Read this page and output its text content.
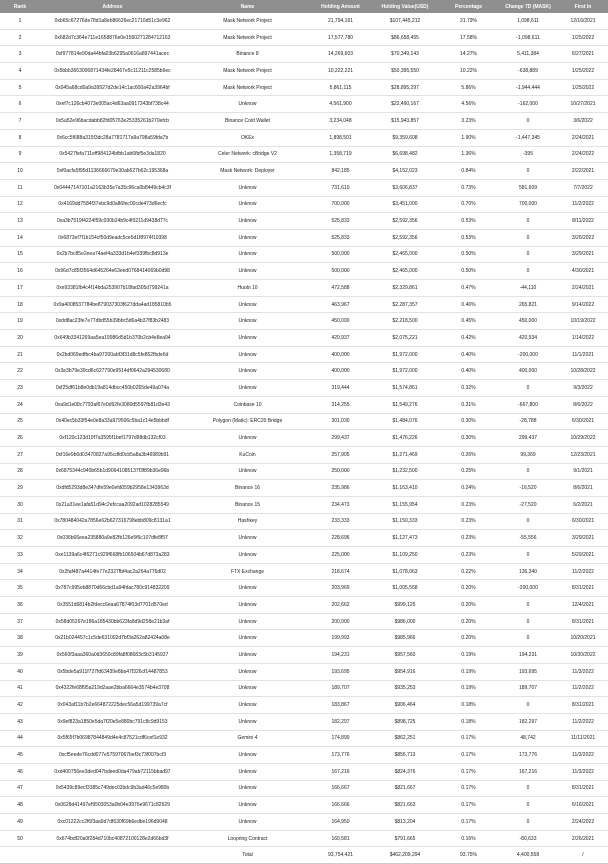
Rank	Address	Name	Holding Amount	Holding Value(USD)	Percentage	Change 7D (MASK)	First In
1	0xb65c67276de78d1a8eb86626ec21710d51c3e962	Mask Network Project	21,794,161	$107,445,212	21.79%	1,098,611	12/16/2021
2	0x682d7c364e711e1658876e0e1560271284712163	Mask Network Project	17,577,780	$86,658,455	17.58%	-1,098,611	1/25/2022
3	0xf977814e90da44bfa03b6295a0616a897441acec	Binance 8	14,269,603	$70,349,143	14.27%	5,411,384	6/27/2021
4	0x5bbb3663006871434fe28467e5c11211c2585b6ec	Mask Network Project	10,222,221	$50,395,550	10.22%	-638,889	1/25/2022
5	0x045a68cd0a9a39927d2de14c1ac600a42a3964bf	Mask Network Project	5,861,115	$28,895,297	5.86%	-1,944,444	1/25/2022
6	0xef7c126cb4073e005ac4d63aa0917243bf738c44	Unknow	4,561,900	$22,490,167	4.56%	-162,000	10/27/2021
7	0x5a52e96bacdabb82fd05763e25335261b270efcb	Binance Cold Wallet	3,234,048	$15,943,857	3.23%	0	3/6/2022
8	0x6cc5f688a315f3dc28a7781717a9a798a59fda7b	OKEx	1,898,501	$9,359,608	1.90%	-1,447,345	2/24/2021
9	0x5427fefa711eff984124bfbb1ab6fbf5e3da1820	Celer Network: cBridge V2	1,358,719	$6,698,482	1.36%	-395	2/24/2022
10	0xf0acfa5f95d1136666679e30ab627b62c195368a	Mask Network: Deployer	842,185	$4,152,023	0.84%	0	2/22/2021
11	0x04447147101a2163b35e7a35c96ca0b8449cb4c3f	Unknow	731,610	$3,606,837	0.73%	581,609	7/7/2022
12	0x4169dd7584f37ebc9d0a86fec00cde473d6ecfc	Unknow	700,000	$3,451,000	0.70%	700,000	11/2/2022
13	0xa3b7519f4224f59c030b24b9c4f0211d9438d77c	Unknow	525,833	$2,592,356	0.53%	0	8/11/2022
14	0x6873ef7f1b154cf50d9eadc5ce5d1f8974f10398	Unknow	525,833	$2,592,356	0.53%	0	3/26/2022
15	0x2b7bc85e2eea74aef4a333d1b4ef339fbc8d913e	Unknow	500,000	$2,465,000	0.50%	0	3/29/2021
16	0x96d7c85f3564d645264e63eed0768414069b0d98	Unknow	500,000	$2,465,000	0.50%	0	4/30/2021
17	0xe93381fb4c4f14bda253907b18fad305d799241a	Huobi 10	472,588	$2,329,861	0.47%	-44,110	2/24/2021
18	0x9a4008537784be879037303f627dda4ad185810b5	Unknow	463,967	$2,287,357	0.46%	265,821	9/14/2022
19	0xdd8ac23fe7e77dbd55b39bbc5d6a4b37f83b2483	Unknow	450,000	$2,218,500	0.45%	450,000	10/19/2022
20	0x649b3341269aa5ea19986d5d1b370b2cb4e8ea94	Unknow	420,937	$2,075,221	0.42%	420,934	1/14/2022
21	0x2bd069edfbc4ba97200abf3f31d8c5fe852fbde6d	Unknow	400,000	$1,972,000	0.40%	-200,000	11/1/2021
22	0x3e3b79e30cd6c627790e9514df0642a294530680	Unknow	400,000	$1,972,000	0.40%	400,000	10/28/2022
23	0xf25df61b8e0db19a814dbcc450b0265de49a074a	Unknow	319,444	$1,574,861	0.32%	0	9/3/2022
24	0xa9d1e08c7793af67e0d92fe3080d5597fb81d3e43	Coinbase 10	314,255	$1,549,276	0.31%	-667,800	8/6/2022
25	0x40ec5b33f54e0e8a33a979506c5ba1c14e5bbbdf	Polygon (Matic): ERC20 Bridge	301,030	$1,484,076	0.30%	-28,788	6/30/2021
26	0xf120c123d10f7a3595f1bef1797d98db132cf03	Unknow	299,437	$1,476,226	0.30%	299,437	10/29/2022
27	0xf16e9b0d03470827a95cdfd0cb5a8a3b46989b91	KuCoin	257,905	$1,271,469	0.26%	99,369	12/23/2021
28	0x6875344c940b65b1d90641085137f3f89b36e96b	Unknow	250,000	$1,232,500	0.25%	0	9/1/2021
29	0xdfd5293d8e347dfe59e0efd059b2958e1343963d	Binance 16	235,986	$1,163,410	0.24%	-16,520	8/6/2021
30	0x21a31ee1afa51d94c2efccaa2092ad1028285549	Binance 15	234,473	$1,155,954	0.23%	-27,520	6/2/2021
31	0x780484042a7856e62b627316798ebb809c8131a1	Hashkey	233,333	$1,150,333	0.23%	0	6/30/2021
32	0x036b66eea235880a9e82fb126e5f6c107dfe8f57	Unknow	228,696	$1,127,473	0.23%	-55,556	3/29/2021
33	0xe1139a6c4f6271c929f668fb106504b67d873a283	Unknow	225,000	$1,109,250	0.23%	0	5/29/2021
34	0x2faf487a4414fe77e2327fbf4ac2a264a776d02	FTX Exchange	218,674	$1,078,063	0.22%	136,340	11/2/2022
35	0x787c995eb8870d66cbd1a94fdac780c914832209	Unknow	203,969	$1,005,568	0.20%	-200,000	8/31/2021
36	0x3551d6814b2fdecc6eaa67874f03d7701d570ed	Unknow	202,662	$999,125	0.20%	0	12/4/2021
37	0x58d05267e186a185430bb623fa8d9d258e21b3af	Unknow	200,000	$986,000	0.20%	0	8/31/2021
38	0x21b024457c1c5de631002d7bf3a262a82424a08e	Unknow	199,993	$985,966	0.20%	0	10/20/2021
39	0x560f3aaa360a0d3650c89fa8f08683c5b3145927	Unknow	194,231	$957,560	0.19%	194,231	10/30/2022
40	0x5bde5a911f727fd63439e8ba47f326cf14487853	Unknow	193,695	$954,916	0.19%	193,695	11/3/2022
41	0x4322fe68f95a219d2aae2bba6664e3574b4e3708	Unknow	189,707	$935,253	0.19%	189,707	11/2/2022
42	0x043af11b7b2e664872225dec56a5d199739a7cf	Unknow	183,867	$906,464	0.18%	0	8/31/2021
43	0x9ef823a1850e5da7f20e5e880bc791c8c9d9153	Unknow	182,297	$898,725	0.18%	182,297	11/2/2022
44	0x5f65f7b06987844849d4e4c87521cdf6cef1e932	Gemini 4	174,899	$862,251	0.17%	48,742	11/11/2021
45	0xcf5eede76cdd077e57597067bef3c73f007bcf3	Unknow	173,776	$856,713	0.17%	173,776	11/3/2022
46	0xd400756ee3ded047bdeed0da479ab72115bbad97	Unknow	167,216	$824,376	0.17%	167,216	11/3/2022
47	0x5439c89ecf3385c749dec02bdc9b3ad46c5e980b	Unknow	166,667	$821,667	0.17%	0	8/31/2021
48	0x0628d41497ef9503053a0b04e3976e9671c82629	Unknow	166,666	$821,663	0.17%	0	6/16/2021
49	0xc01222cc2f6f3aa9d7df630f69b6edbe196d9048	Unknow	164,950	$813,204	0.17%	0	2/24/2022
50	0x674bdf20a0f284d710bc40872100128e2d66bd3f	Loopring Contract	160,581	$791,665	0.16%	-80,633	2/26/2021
		Total	93,754,421	$462,209,294	93.75%	4,400,558	/
